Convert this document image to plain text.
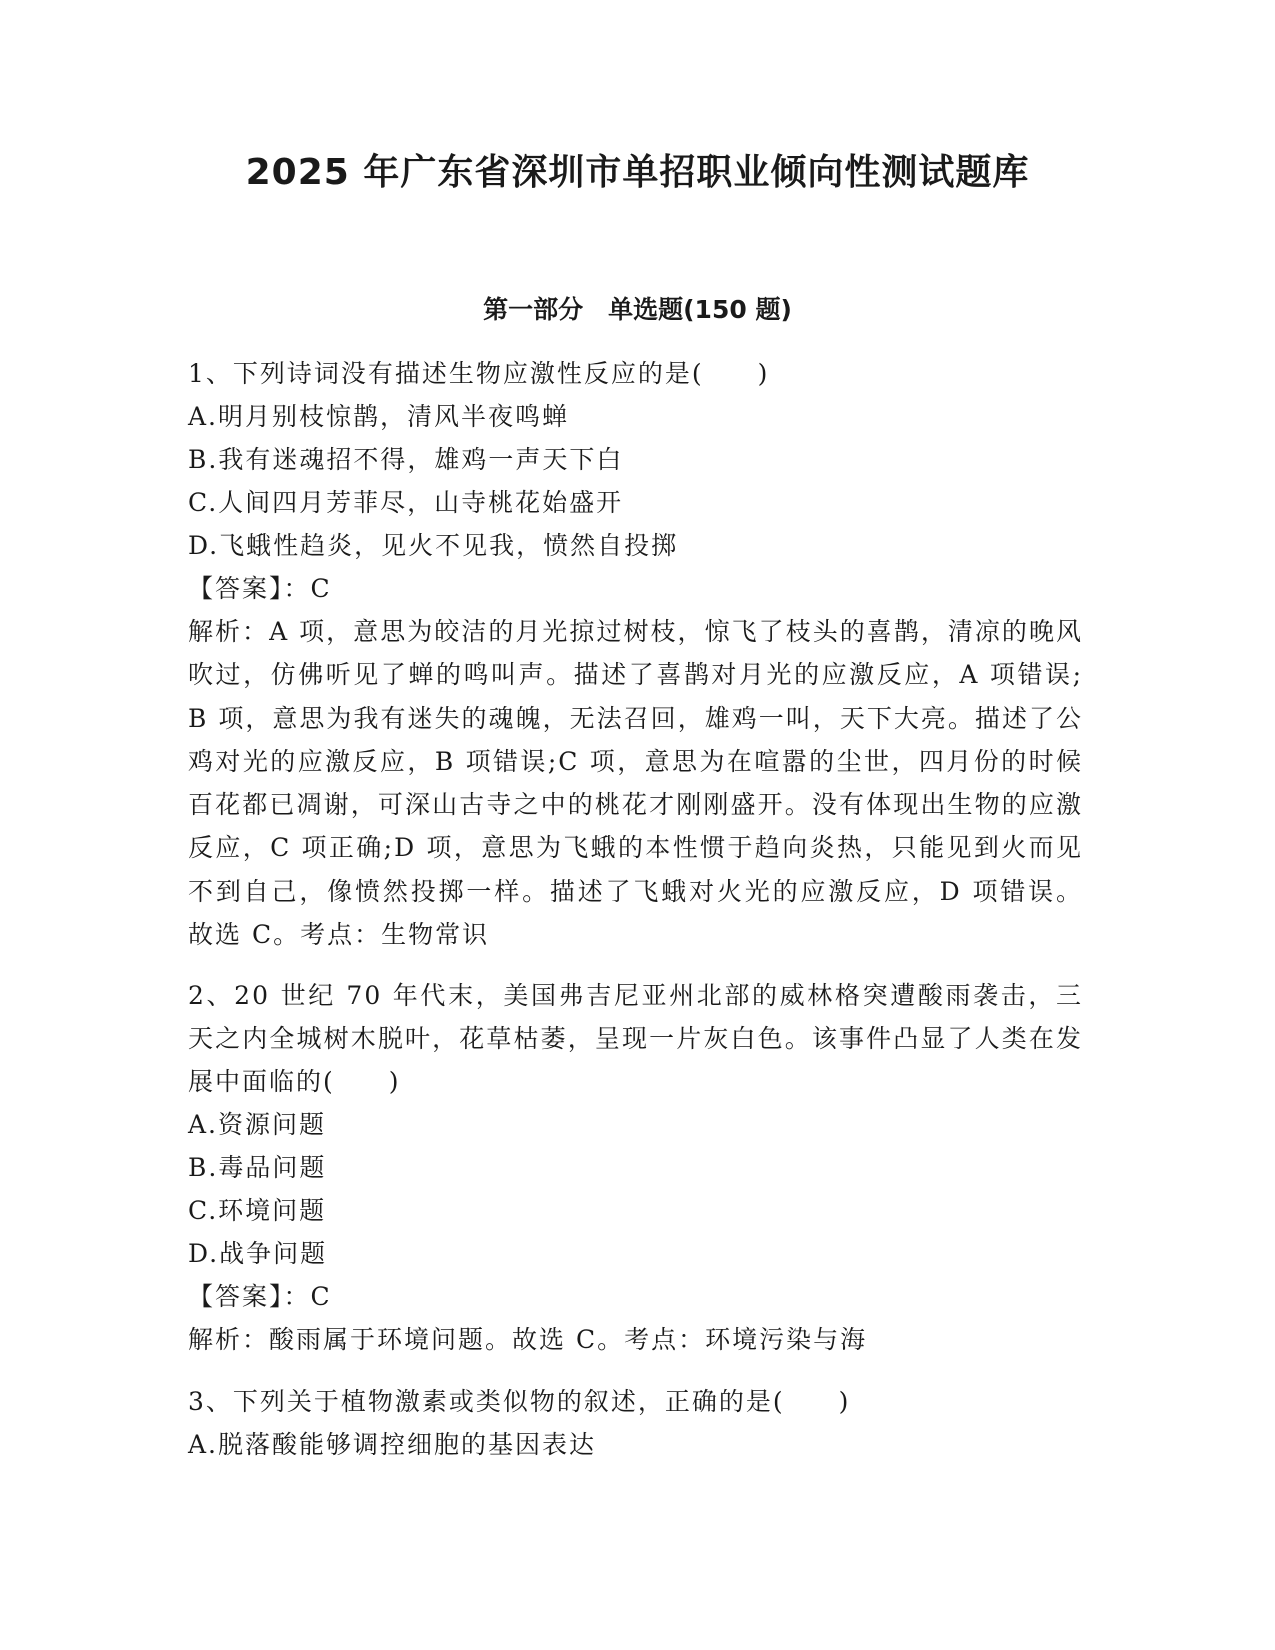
2025 年广东省深圳市单招职业倾向性测试题库
第一部分　单选题(150 题)

1、下列诗词没有描述生物应激性反应的是(　　)

A.明月别枝惊鹊，清风半夜鸣蝉

B.我有迷魂招不得，雄鸡一声天下白

C.人间四月芳菲尽，山寺桃花始盛开

D.飞蛾性趋炎，见火不见我，愤然自投掷

【答案】：C

解析：A 项，意思为皎洁的月光掠过树枝，惊飞了枝头的喜鹊，清凉的晚风吹过，仿佛听见了蝉的鸣叫声。描述了喜鹊对月光的应激反应，A 项错误;B 项，意思为我有迷失的魂魄，无法召回，雄鸡一叫，天下大亮。描述了公鸡对光的应激反应，B 项错误;C 项，意思为在喧嚣的尘世，四月份的时候百花都已凋谢，可深山古寺之中的桃花才刚刚盛开。没有体现出生物的应激反应，C 项正确;D 项，意思为飞蛾的本性惯于趋向炎热，只能见到火而见不到自己，像愤然投掷一样。描述了飞蛾对火光的应激反应，D 项错误。故选 C。考点：生物常识

2、20 世纪 70 年代末，美国弗吉尼亚州北部的威林格突遭酸雨袭击，三天之内全城树木脱叶，花草枯萎，呈现一片灰白色。该事件凸显了人类在发展中面临的(　　)

A.资源问题

B.毒品问题

C.环境问题

D.战争问题

【答案】：C

解析：酸雨属于环境问题。故选 C。考点：环境污染与海

3、下列关于植物激素或类似物的叙述，正确的是(　　)

A.脱落酸能够调控细胞的基因表达
